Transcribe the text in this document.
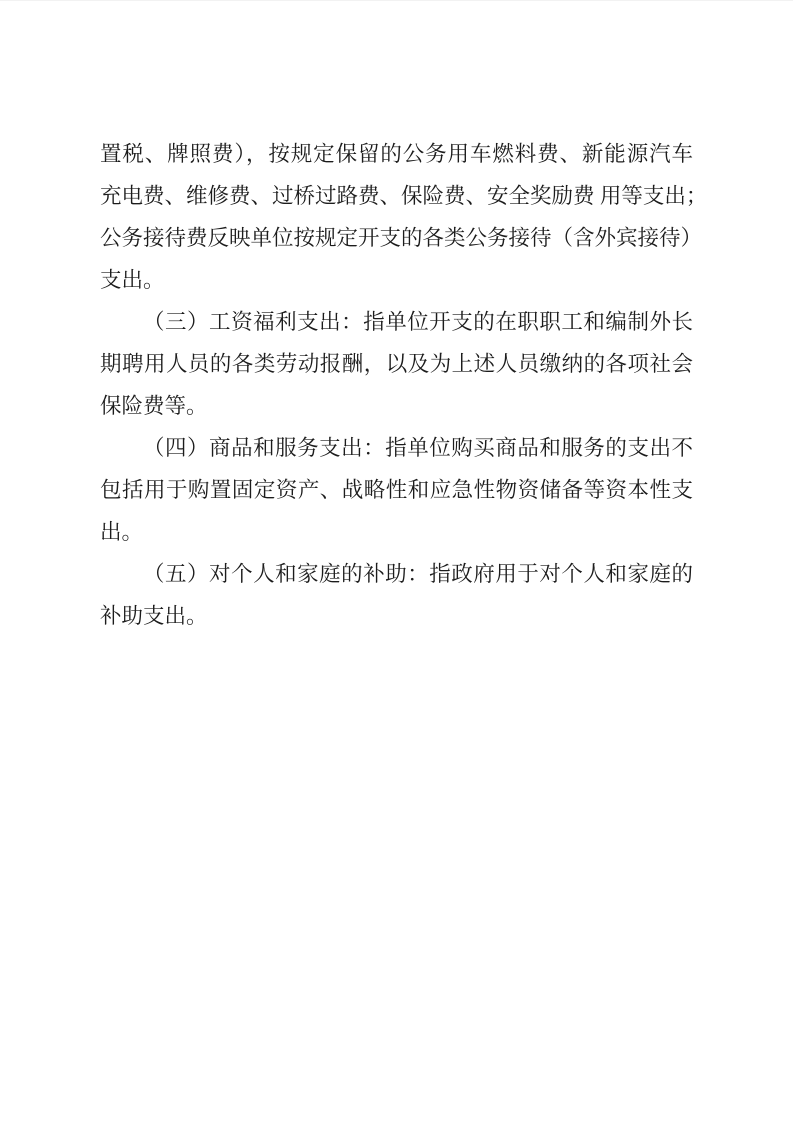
置税、牌照费），按规定保留的公务用车燃料费、新能源汽车
充电费、维修费、过桥过路费、保险费、安全奖励费 用等支出；
公务接待费反映单位按规定开支的各类公务接待（含外宾接待）
支出。
（三）工资福利支出：指单位开支的在职职工和编制外长
期聘用人员的各类劳动报酬，以及为上述人员缴纳的各项社会
保险费等。
（四）商品和服务支出：指单位购买商品和服务的支出不
包括用于购置固定资产、战略性和应急性物资储备等资本性支
出。
（五）对个人和家庭的补助：指政府用于对个人和家庭的
补助支出。
